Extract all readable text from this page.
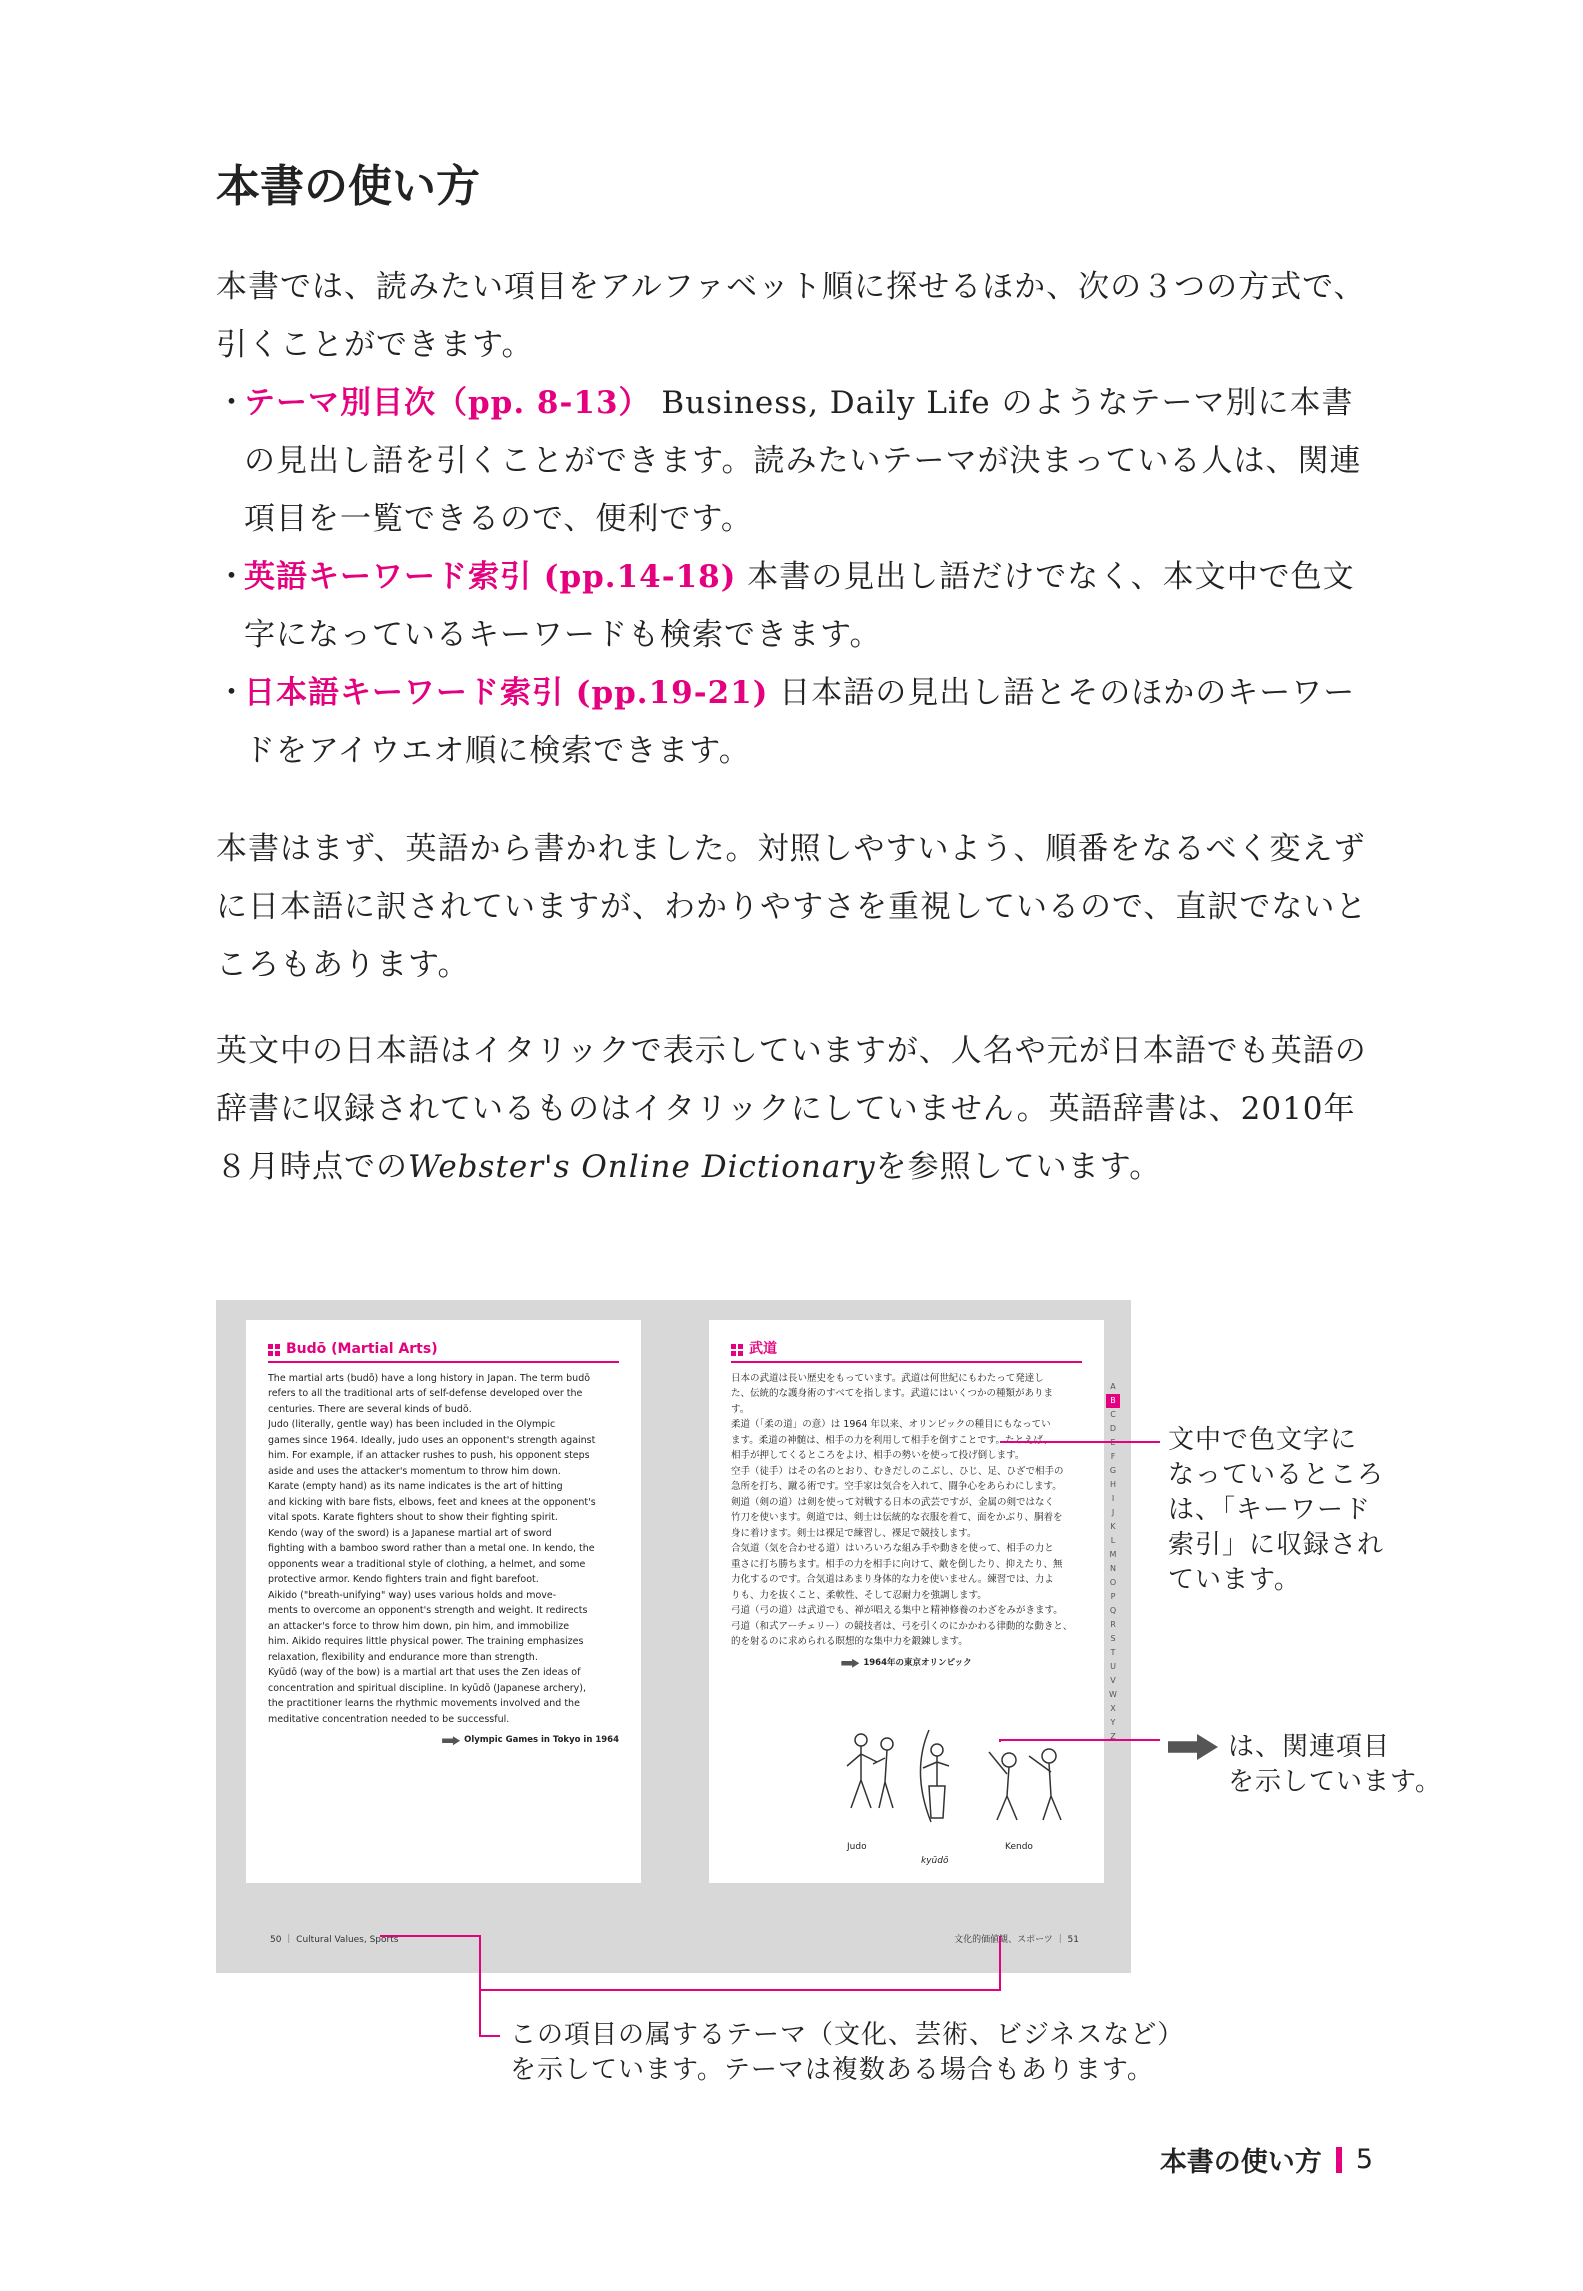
本書の使い方

本書では、読みたい項目をアルファベット順に探せるほか、次の３つの方式で、引くことができます。

・
テーマ別目次（pp. 8-13） Business, Daily Life のようなテーマ別に本書の見出し語を引くことができます。読みたいテーマが決まっている人は、関連項目を一覧できるので、便利です。
・
英語キーワード索引 (pp.14-18) 本書の見出し語だけでなく、本文中で色文字になっているキーワードも検索できます。
・
日本語キーワード索引 (pp.19-21) 日本語の見出し語とそのほかのキーワードをアイウエオ順に検索できます。

本書はまず、英語から書かれました。対照しやすいよう、順番をなるべく変えずに日本語に訳されていますが、わかりやすさを重視しているので、直訳でないところもあります。

英文中の日本語はイタリックで表示していますが、人名や元が日本語でも英語の辞書に収録されているものはイタリックにしていません。英語辞書は、2010年８月時点でのWebster's Online Dictionaryを参照しています。

Budō (Martial Arts)
The martial arts (budō) have a long history in Japan. The term budō
refers to all the traditional arts of self-defense developed over the
centuries. There are several kinds of budō.
Judo (literally, gentle way) has been included in the Olympic
games since 1964. Ideally, judo uses an opponent's strength against
him. For example, if an attacker rushes to push, his opponent steps
aside and uses the attacker's momentum to throw him down.
Karate (empty hand) as its name indicates is the art of hitting
and kicking with bare fists, elbows, feet and knees at the opponent's
vital spots. Karate fighters shout to show their fighting spirit.
Kendo (way of the sword) is a Japanese martial art of sword
fighting with a bamboo sword rather than a metal one. In kendo, the
opponents wear a traditional style of clothing, a helmet, and some
protective armor. Kendo fighters train and fight barefoot.
Aikido ("breath-unifying" way) uses various holds and move-
ments to overcome an opponent's strength and weight. It redirects
an attacker's force to throw him down, pin him, and immobilize
him. Aikido requires little physical power. The training emphasizes
relaxation, flexibility and endurance more than strength.
Kyūdō (way of the bow) is a martial art that uses the Zen ideas of
concentration and spiritual discipline. In kyūdō (Japanese archery),
the practitioner learns the rhythmic movements involved and the
meditative concentration needed to be successful.
Olympic Games in Tokyo in 1964
武道
日本の武道は長い歴史をもっています。武道は何世紀にもわたって発達し
た、伝統的な護身術のすべてを指します。武道にはいくつかの種類がありま
す。
柔道（「柔の道」の意）は 1964 年以来、オリンピックの種目にもなってい
ます。柔道の神髄は、相手の力を利用して相手を倒すことです。たとえば、
相手が押してくるところをよけ、相手の勢いを使って投げ倒します。
空手（徒手）はその名のとおり、むきだしのこぶし、ひじ、足、ひざで相手の
急所を打ち、蹴る術です。空手家は気合を入れて、闘争心をあらわにします。
剣道（剣の道）は剣を使って対戦する日本の武芸ですが、金属の剣ではなく
竹刀を使います。剣道では、剣士は伝統的な衣服を着て、面をかぶり、胴着を
身に着けます。剣士は裸足で練習し、裸足で競技します。
合気道（気を合わせる道）はいろいろな組み手や動きを使って、相手の力と
重さに打ち勝ちます。相手の力を相手に向けて、敵を倒したり、抑えたり、無
力化するのです。合気道はあまり身体的な力を使いません。練習では、力よ
りも、力を抜くこと、柔軟性、そして忍耐力を強調します。
弓道（弓の道）は武道でも、禅が唱える集中と精神修養のわざをみがきます。
弓道（和式アーチェリー）の競技者は、弓を引くのにかかわる律動的な動きと、
的を射るのに求められる瞑想的な集中力を鍛錬します。
1964年の東京オリンピック
Judo
kyūdō
Kendo
A
B
C
D
E
F
G
H
I
J
K
L
M
N
O
P
Q
R
S
T
U
V
W
X
Y
Z
50 ｜ Cultural Values, Sports	文化的価値観、スポーツ ｜ 51

文中で色文字に
なっているところ
は、「キーワード
索引」に収録され
ています。

は、関連項目
を示しています。

この項目の属するテーマ（文化、芸術、ビジネスなど）
を示しています。テーマは複数ある場合もあります。

本書の使い方 5
